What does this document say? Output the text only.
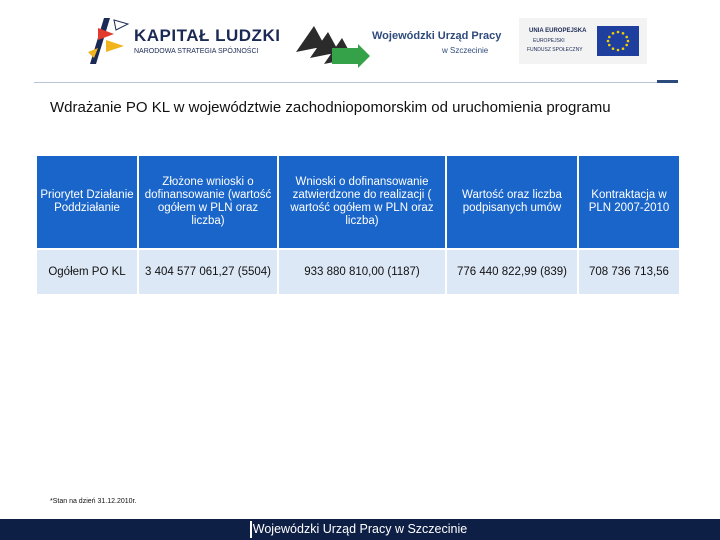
KAPITAŁ LUDZKI
NARODOWA STRATEGIA SPÓJNOŚCI
Wojewódzki Urząd Pracy
w Szczecinie
UNIA EUROPEJSKA
EUROPEJSKI
FUNDUSZ SPOŁECZNY
Wdrażanie PO KL w województwie zachodniopomorskim od uruchomienia programu
Priorytet Działanie Poddziałanie	Złożone wnioski o dofinansowanie (wartość ogółem w PLN oraz liczba)	Wnioski o dofinansowanie zatwierdzone do realizacji ( wartość ogółem w PLN oraz liczba)	Wartość oraz liczba podpisanych umów	Kontraktacja w PLN 2007-2010
Ogółem PO KL	3 404 577 061,27 (5504)	933 880 810,00 (1187)	776 440 822,99 (839)	708 736 713,56
*Stan na dzień 31.12.2010r.
Wojewódzki Urząd Pracy w Szczecinie
